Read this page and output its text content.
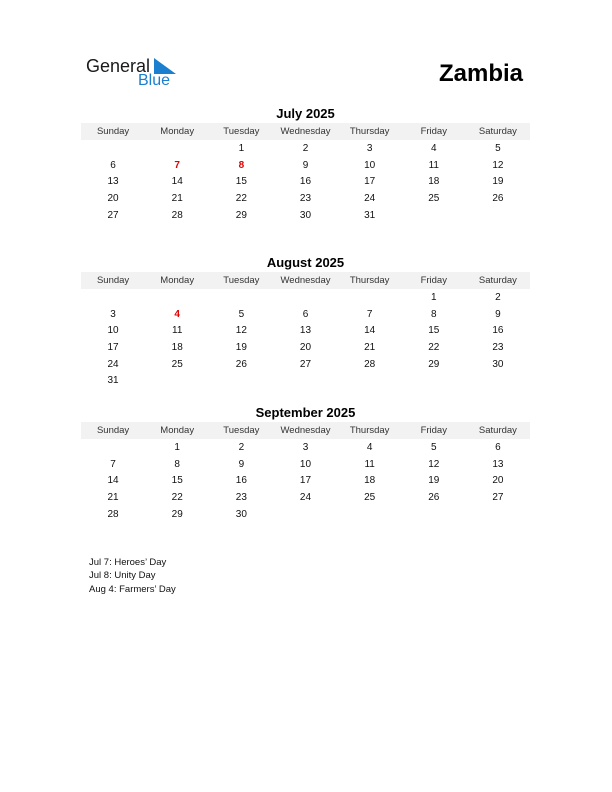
General
Blue	Zambia
July 2025
Sunday	Monday	Tuesday	Wednesday	Thursday	Friday	Saturday
		1	2	3	4	5
6	7	8	9	10	11	12
13	14	15	16	17	18	19
20	21	22	23	24	25	26
27	28	29	30	31		
August 2025
Sunday	Monday	Tuesday	Wednesday	Thursday	Friday	Saturday
					1	2
3	4	5	6	7	8	9
10	11	12	13	14	15	16
17	18	19	20	21	22	23
24	25	26	27	28	29	30
31						
September 2025
Sunday	Monday	Tuesday	Wednesday	Thursday	Friday	Saturday
	1	2	3	4	5	6
7	8	9	10	11	12	13
14	15	16	17	18	19	20
21	22	23	24	25	26	27
28	29	30				
Jul 7: Heroes’ Day
Jul 8: Unity Day
Aug 4: Farmers’ Day
